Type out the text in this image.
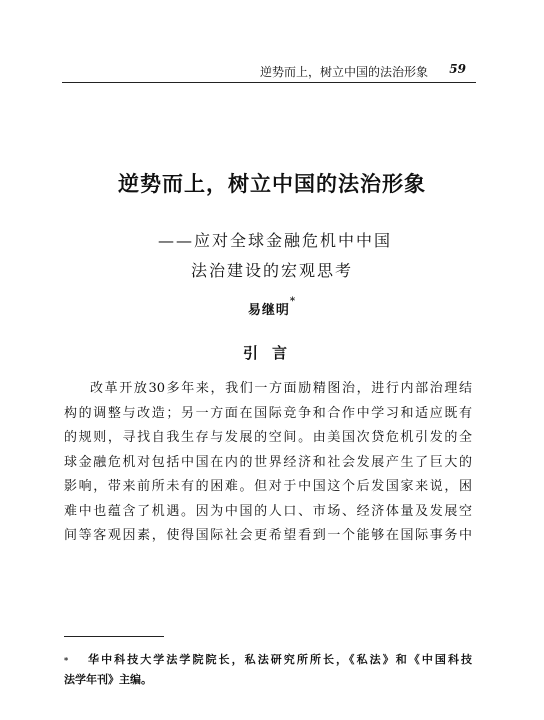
逆势而上，树立中国的法治形象 59
逆势而上，树立中国的法治形象
——应对全球金融危机中中国
法治建设的宏观思考
易继明*
引言
改革开放30多年来，我们一方面励精图治，进行内部治理结
构的调整与改造；另一方面在国际竞争和合作中学习和适应既有
的规则，寻找自我生存与发展的空间。由美国次贷危机引发的全
球金融危机对包括中国在内的世界经济和社会发展产生了巨大的
影响，带来前所未有的困难。但对于中国这个后发国家来说，困
难中也蕴含了机遇。因为中国的人口、市场、经济体量及发展空
间等客观因素，使得国际社会更希望看到一个能够在国际事务中
* 华中科技大学法学院院长，私法研究所所长，《私法》和《中国科技
法学年刊》主编。
